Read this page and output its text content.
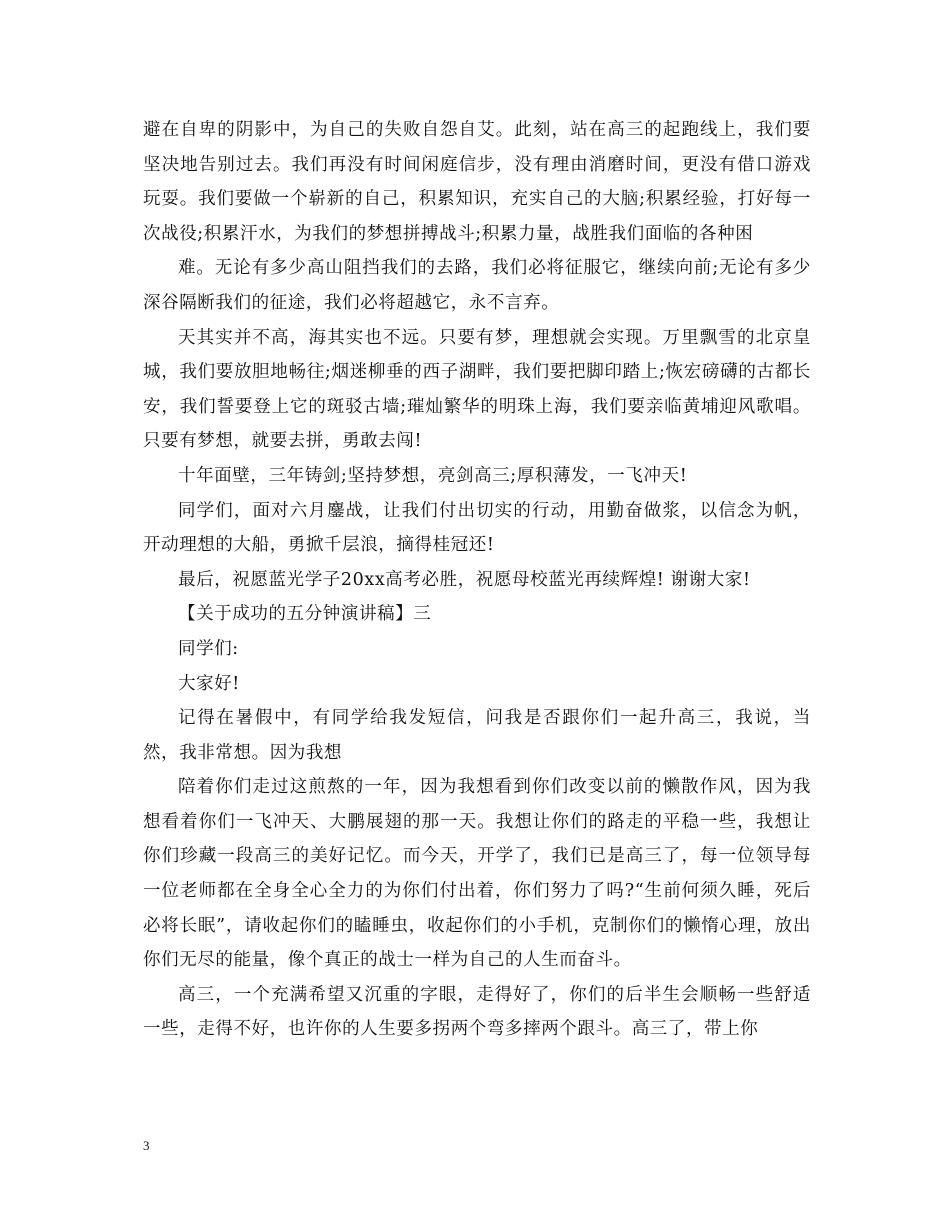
避在自卑的阴影中，为自己的失败自怨自艾。此刻，站在高三的起跑线上，我们要坚决地告别过去。我们再没有时间闲庭信步，没有理由消磨时间，更没有借口游戏玩耍。我们要做一个崭新的自己，积累知识，充实自己的大脑;积累经验，打好每一次战役;积累汗水，为我们的梦想拼搏战斗;积累力量，战胜我们面临的各种困

难。无论有多少高山阻挡我们的去路，我们必将征服它，继续向前;无论有多少深谷隔断我们的征途，我们必将超越它，永不言弃。

天其实并不高，海其实也不远。只要有梦，理想就会实现。万里飘雪的北京皇城，我们要放胆地畅往;烟迷柳垂的西子湖畔，我们要把脚印踏上;恢宏磅礴的古都长安，我们誓要登上它的斑驳古墙;璀灿繁华的明珠上海，我们要亲临黄埔迎风歌唱。只要有梦想，就要去拼，勇敢去闯!

十年面壁，三年铸剑;坚持梦想，亮剑高三;厚积薄发，一飞冲天!

同学们，面对六月鏖战，让我们付出切实的行动，用勤奋做浆，以信念为帆，开动理想的大船，勇掀千层浪，摘得桂冠还!

最后，祝愿蓝光学子20xx高考必胜，祝愿母校蓝光再续辉煌! 谢谢大家!

【关于成功的五分钟演讲稿】三

同学们:

大家好!

记得在暑假中，有同学给我发短信，问我是否跟你们一起升高三，我说，当然，我非常想。因为我想

陪着你们走过这煎熬的一年，因为我想看到你们改变以前的懒散作风，因为我想看着你们一飞冲天、大鹏展翅的那一天。我想让你们的路走的平稳一些，我想让你们珍藏一段高三的美好记忆。而今天，开学了，我们已是高三了，每一位领导每一位老师都在全身全心全力的为你们付出着，你们努力了吗?“生前何须久睡，死后必将长眠”，请收起你们的瞌睡虫，收起你们的小手机，克制你们的懒惰心理，放出你们无尽的能量，像个真正的战士一样为自己的人生而奋斗。

高三，一个充满希望又沉重的字眼，走得好了，你们的后半生会顺畅一些舒适一些，走得不好，也许你的人生要多拐两个弯多摔两个跟斗。高三了，带上你

3
